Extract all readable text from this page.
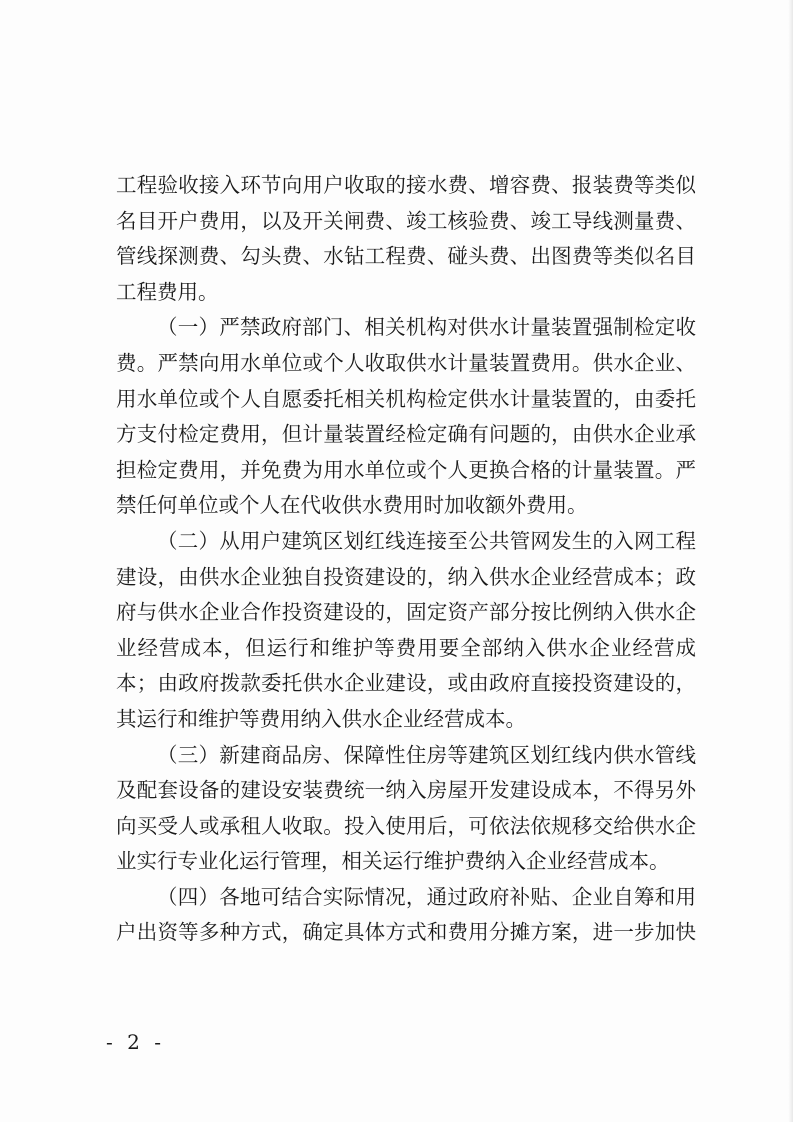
工程验收接入环节向用户收取的接水费、增容费、报装费等类似
名目开户费用，以及开关闸费、竣工核验费、竣工导线测量费、
管线探测费、勾头费、水钻工程费、碰头费、出图费等类似名目
工程费用。
（一）严禁政府部门、相关机构对供水计量装置强制检定收
费。严禁向用水单位或个人收取供水计量装置费用。供水企业、
用水单位或个人自愿委托相关机构检定供水计量装置的，由委托
方支付检定费用，但计量装置经检定确有问题的，由供水企业承
担检定费用，并免费为用水单位或个人更换合格的计量装置。严
禁任何单位或个人在代收供水费用时加收额外费用。
（二）从用户建筑区划红线连接至公共管网发生的入网工程
建设，由供水企业独自投资建设的，纳入供水企业经营成本；政
府与供水企业合作投资建设的，固定资产部分按比例纳入供水企
业经营成本，但运行和维护等费用要全部纳入供水企业经营成
本；由政府拨款委托供水企业建设，或由政府直接投资建设的，
其运行和维护等费用纳入供水企业经营成本。
（三）新建商品房、保障性住房等建筑区划红线内供水管线
及配套设备的建设安装费统一纳入房屋开发建设成本，不得另外
向买受人或承租人收取。投入使用后，可依法依规移交给供水企
业实行专业化运行管理，相关运行维护费纳入企业经营成本。
（四）各地可结合实际情况，通过政府补贴、企业自筹和用
户出资等多种方式，确定具体方式和费用分摊方案，进一步加快
- 2 -
